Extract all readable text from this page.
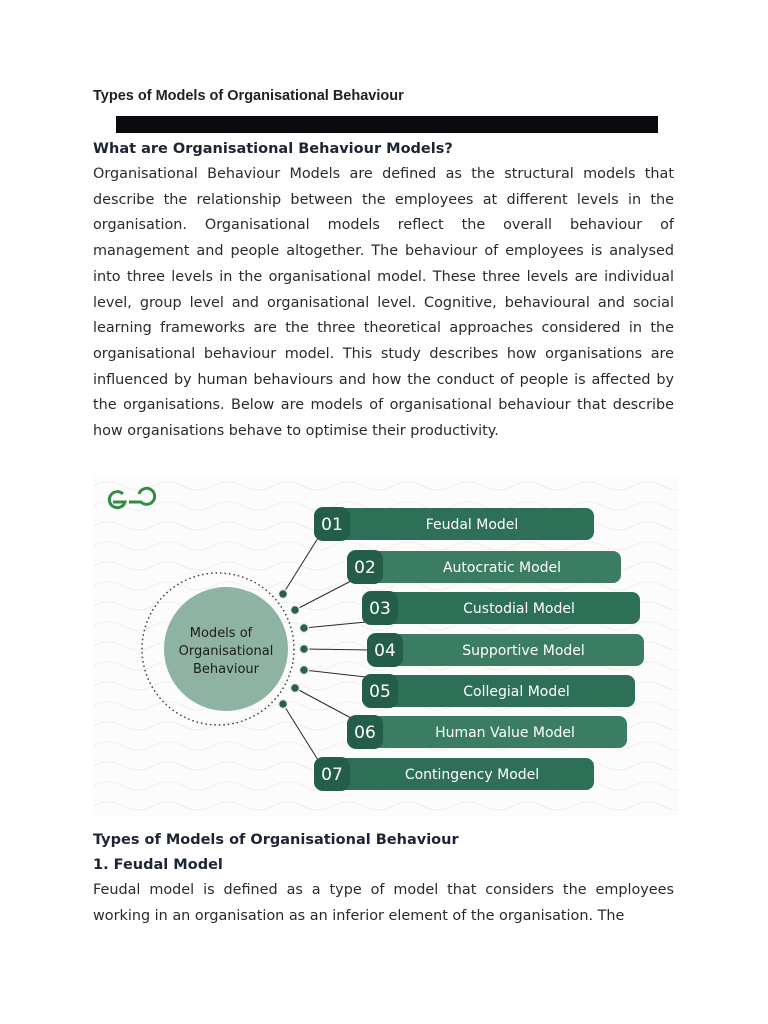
Types of Models of Organisational Behaviour
What are Organisational Behaviour Models?

Organisational Behaviour Models are defined as the structural models that describe the relationship between the employees at different levels in the organisation. Organisational models reflect the overall behaviour of management and people altogether. The behaviour of employees is analysed into three levels in the organisational model. These three levels are individual level, group level and organisational level. Cognitive, behavioural and social learning frameworks are the three theoretical approaches considered in the organisational behaviour model. This study describes how organisations are influenced by human behaviours and how the conduct of people is affected by the organisations. Below are models of organisational behaviour that describe how organisations behave to optimise their productivity.

Models of
Organisational
Behaviour
01	Feudal Model
02	Autocratic Model
03	Custodial Model
04	Supportive Model
05	Collegial Model
06	Human Value Model
07	Contingency Model
Types of Models of Organisational Behaviour
1. Feudal Model

Feudal model is defined as a type of model that considers the employees working in an organisation as an inferior element of the organisation. The
